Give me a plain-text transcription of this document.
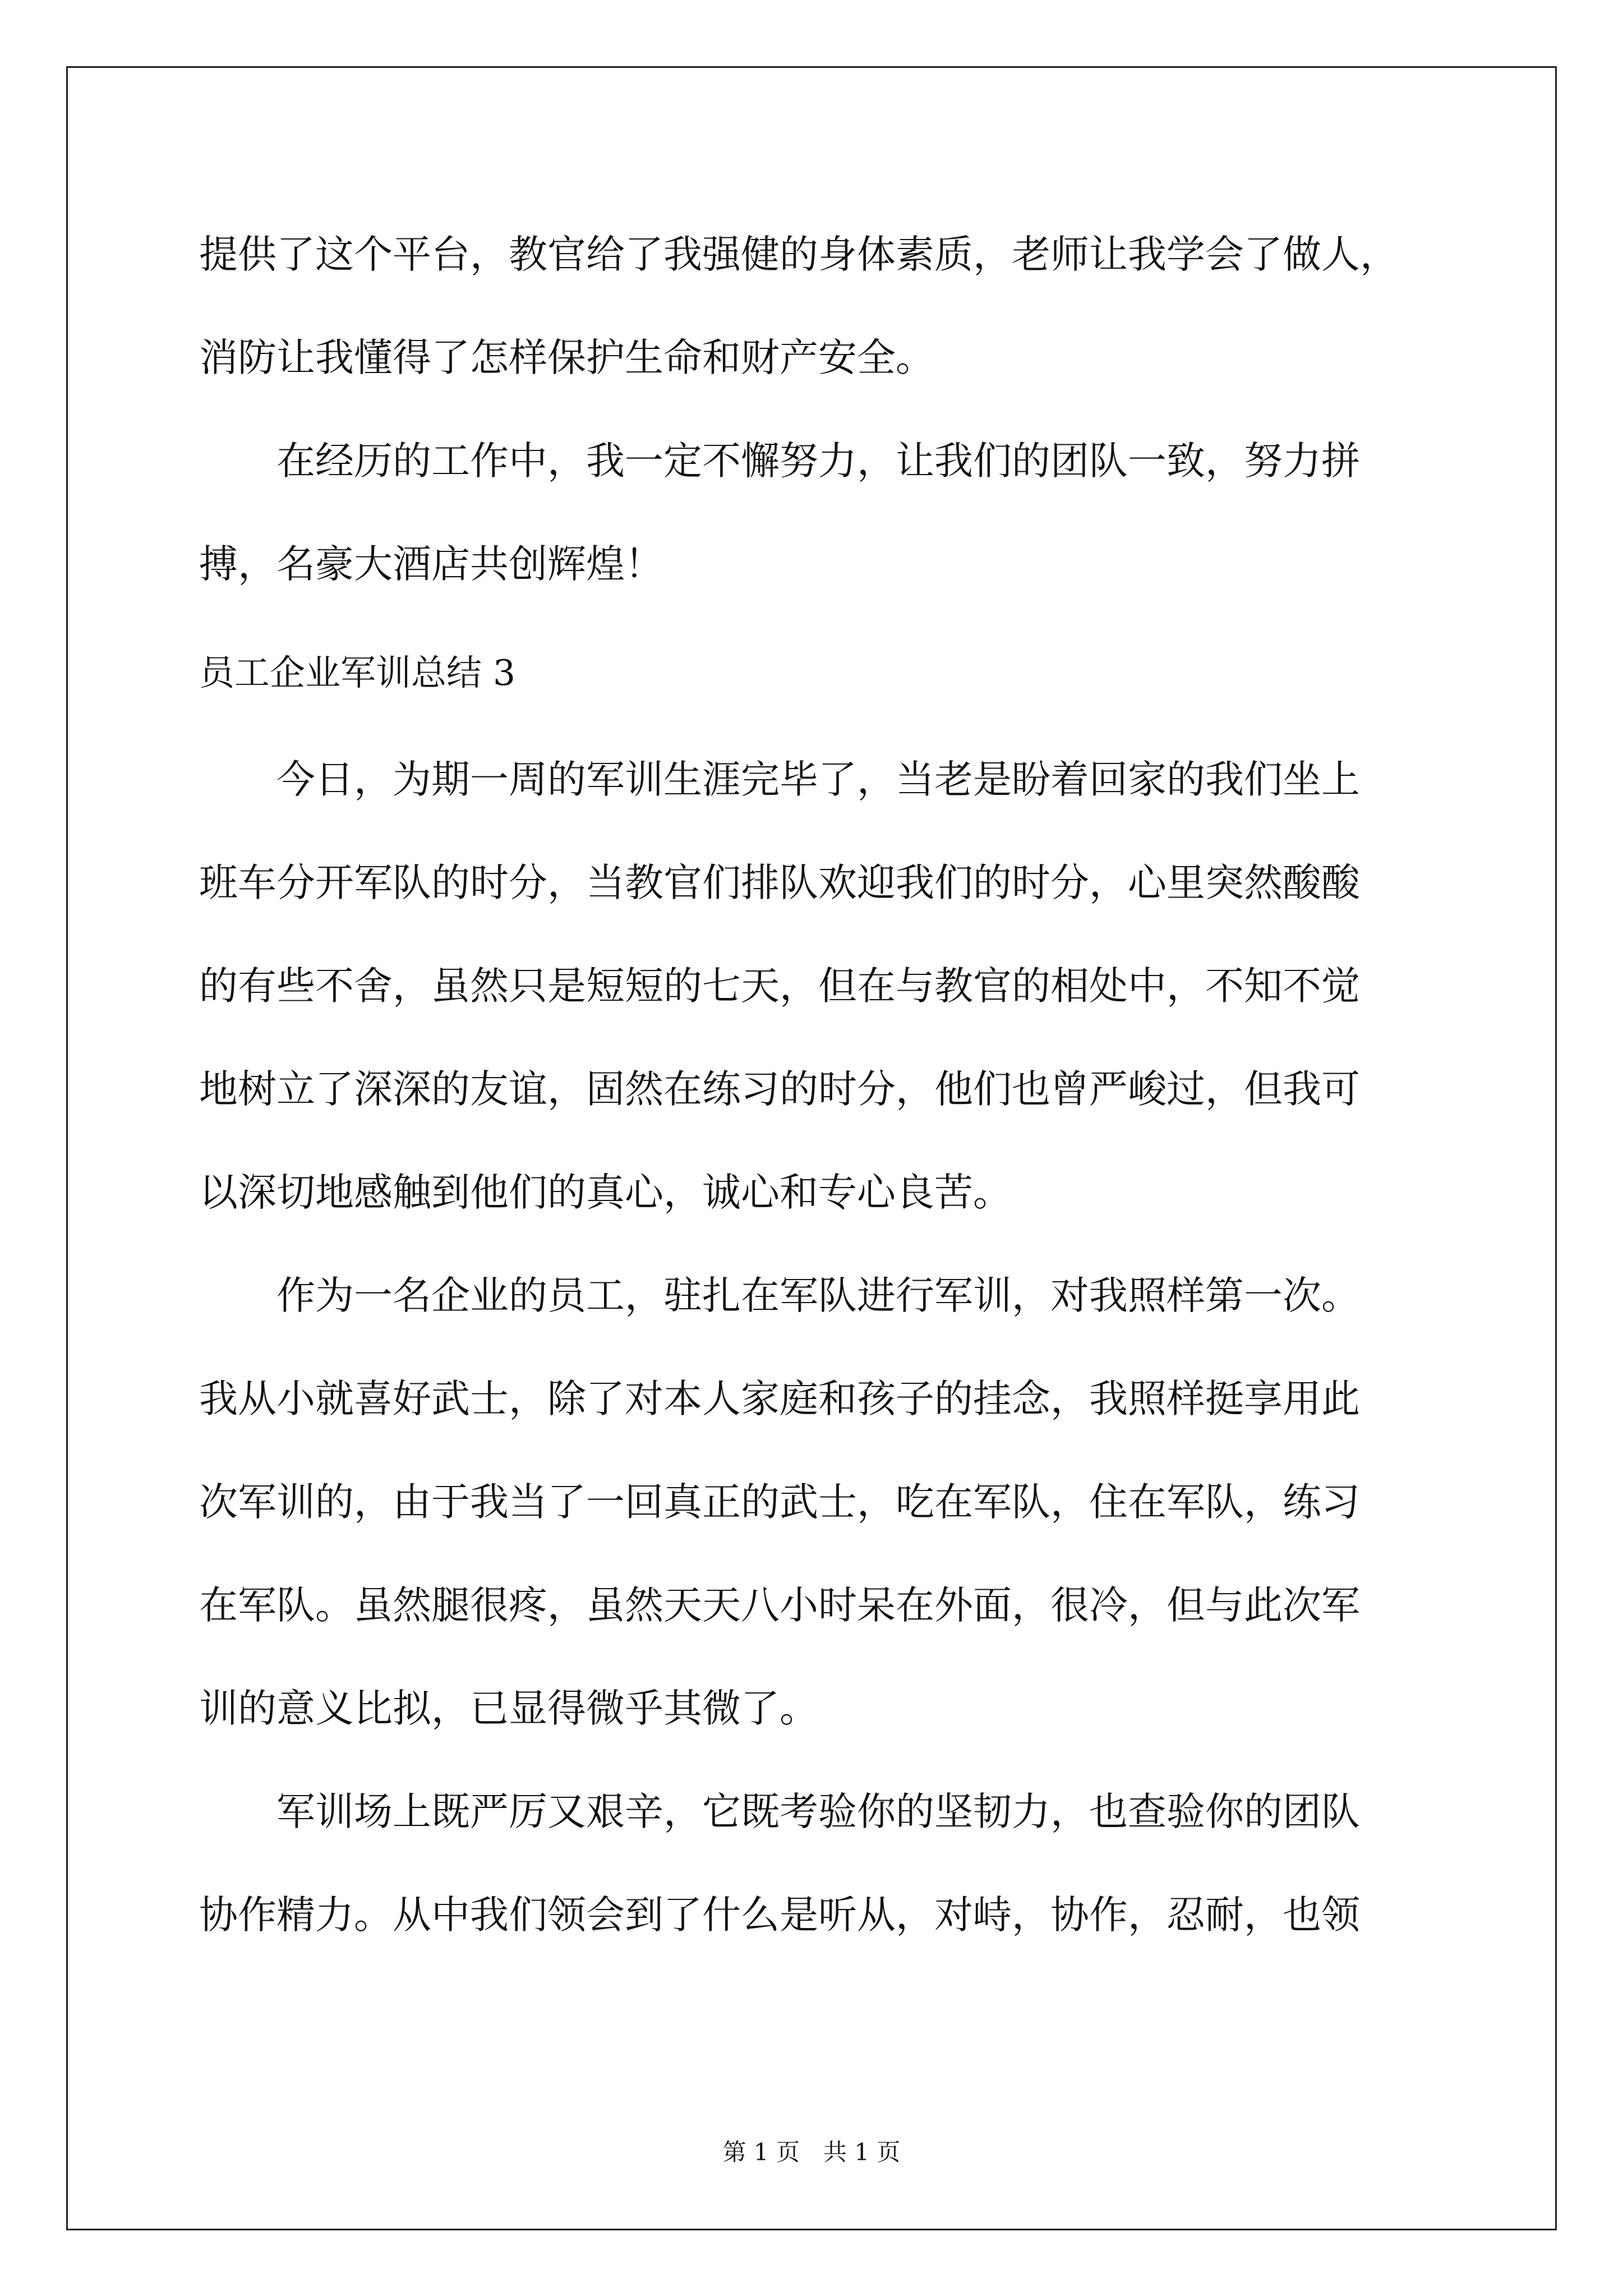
提供了这个平台，教官给了我强健的身体素质，老师让我学会了做人，
消防让我懂得了怎样保护生命和财产安全。
　　在经历的工作中，我一定不懈努力，让我们的团队一致，努力拼
搏，名豪大酒店共创辉煌！
员工企业军训总结 3
　　今日，为期一周的军训生涯完毕了，当老是盼着回家的我们坐上
班车分开军队的时分，当教官们排队欢迎我们的时分，心里突然酸酸
的有些不舍，虽然只是短短的七天，但在与教官的相处中，不知不觉
地树立了深深的友谊，固然在练习的时分，他们也曾严峻过，但我可
以深切地感触到他们的真心，诚心和专心良苦。
　　作为一名企业的员工，驻扎在军队进行军训，对我照样第一次。
我从小就喜好武士，除了对本人家庭和孩子的挂念，我照样挺享用此
次军训的，由于我当了一回真正的武士，吃在军队，住在军队，练习
在军队。虽然腿很疼，虽然天天八小时呆在外面，很冷，但与此次军
训的意义比拟，已显得微乎其微了。
　　军训场上既严厉又艰辛，它既考验你的坚韧力，也查验你的团队
协作精力。从中我们领会到了什么是听从，对峙，协作，忍耐，也领
第 1 页　共 1 页
